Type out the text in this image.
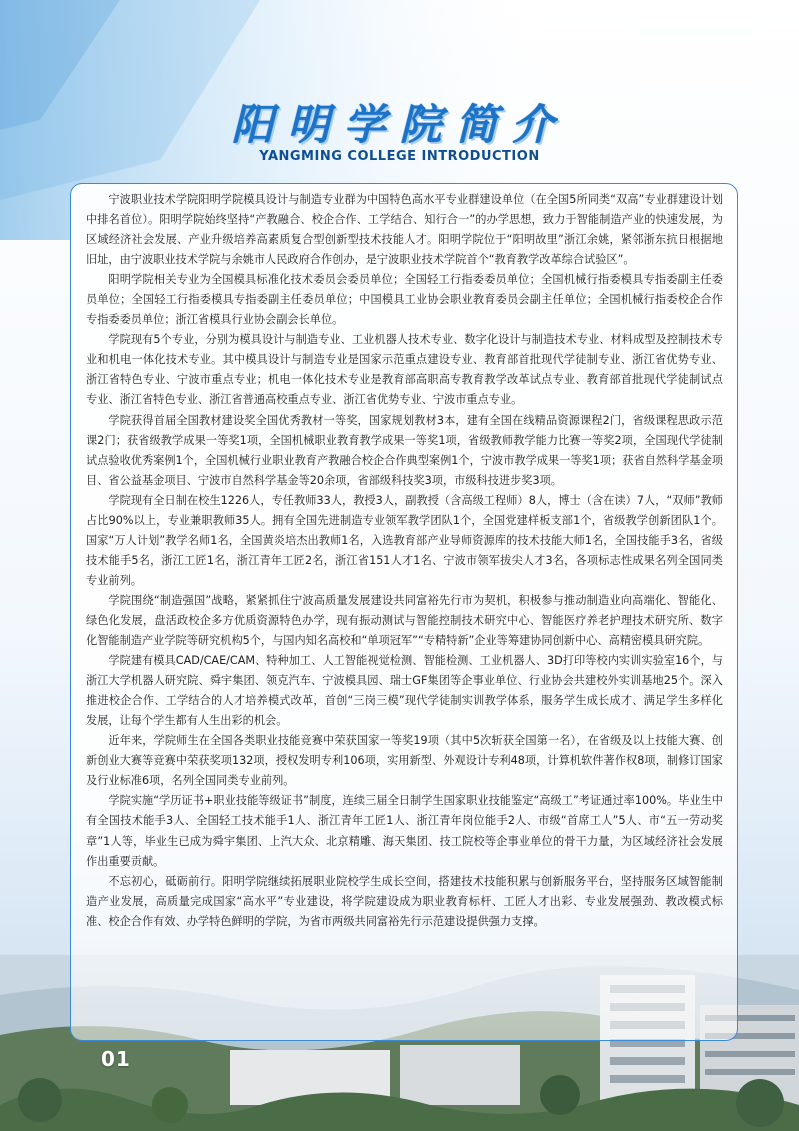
阳明学院简介
YANGMING COLLEGE INTRODUCTION

宁波职业技术学院阳明学院模具设计与制造专业群为中国特色高水平专业群建设单位（在全国5所同类“双高”专业群建设计划中排名首位）。阳明学院始终坚持“产教融合、校企合作、工学结合、知行合一”的办学思想，致力于智能制造产业的快速发展，为区域经济社会发展、产业升级培养高素质复合型创新型技术技能人才。阳明学院位于“阳明故里”浙江余姚，紧邻浙东抗日根据地旧址，由宁波职业技术学院与余姚市人民政府合作创办，是宁波职业技术学院首个“教育教学改革综合试验区”。

阳明学院相关专业为全国模具标准化技术委员会委员单位；全国轻工行指委委员单位；全国机械行指委模具专指委副主任委员单位；全国轻工行指委模具专指委副主任委员单位；中国模具工业协会职业教育委员会副主任单位；全国机械行指委校企合作专指委委员单位；浙江省模具行业协会副会长单位。

学院现有5个专业，分别为模具设计与制造专业、工业机器人技术专业、数字化设计与制造技术专业、材料成型及控制技术专业和机电一体化技术专业。其中模具设计与制造专业是国家示范重点建设专业、教育部首批现代学徒制专业、浙江省优势专业、浙江省特色专业、宁波市重点专业；机电一体化技术专业是教育部高职高专教育教学改革试点专业、教育部首批现代学徒制试点专业、浙江省特色专业、浙江省普通高校重点专业、浙江省优势专业、宁波市重点专业。

学院获得首届全国教材建设奖全国优秀教材一等奖，国家规划教材3本，建有全国在线精品资源课程2门，省级课程思政示范课2门；获省级教学成果一等奖1项，全国机械职业教育教学成果一等奖1项，省级教师教学能力比赛一等奖2项，全国现代学徒制试点验收优秀案例1个，全国机械行业职业教育产教融合校企合作典型案例1个，宁波市教学成果一等奖1项；获省自然科学基金项目、省公益基金项目、宁波市自然科学基金等20余项，省部级科技奖3项，市级科技进步奖3项。

学院现有全日制在校生1226人，专任教师33人，教授3人，副教授（含高级工程师）8人，博士（含在读）7人，“双师”教师占比90%以上，专业兼职教师35人。拥有全国先进制造专业领军教学团队1个，全国党建样板支部1个，省级教学创新团队1个。国家“万人计划”教学名师1名，全国黄炎培杰出教师1名，入选教育部产业导师资源库的技术技能大师1名，全国技能手3名，省级技术能手5名，浙江工匠1名，浙江青年工匠2名，浙江省151人才1名、宁波市领军拔尖人才3名，各项标志性成果名列全国同类专业前列。

学院围绕“制造强国”战略，紧紧抓住宁波高质量发展建设共同富裕先行市为契机，积极参与推动制造业向高端化、智能化、绿色化发展，盘活政校企多方优质资源特色办学，现有振动测试与智能控制技术研究中心、智能医疗养老护理技术研究所、数字化智能制造产业学院等研究机构5个，与国内知名高校和“单项冠军”“专精特新”企业等筹建协同创新中心、高精密模具研究院。

学院建有模具CAD/CAE/CAM、特种加工、人工智能视觉检测、智能检测、工业机器人、3D打印等校内实训实验室16个，与浙江大学机器人研究院、舜宇集团、领克汽车、宁波模具园、瑞士GF集团等企事业单位、行业协会共建校外实训基地25个。深入推进校企合作、工学结合的人才培养模式改革，首创“三岗三模”现代学徒制实训教学体系，服务学生成长成才、满足学生多样化发展，让每个学生都有人生出彩的机会。

近年来，学院师生在全国各类职业技能竞赛中荣获国家一等奖19项（其中5次斩获全国第一名），在省级及以上技能大赛、创新创业大赛等竞赛中荣获奖项132项，授权发明专利106项，实用新型、外观设计专利48项，计算机软件著作权8项，制修订国家及行业标准6项，名列全国同类专业前列。

学院实施“学历证书+职业技能等级证书”制度，连续三届全日制学生国家职业技能鉴定“高级工”考证通过率100%。毕业生中有全国技术能手3人、全国轻工技术能手1人、浙江青年工匠1人、浙江青年岗位能手2人、市级“首席工人”5人、市“五一劳动奖章”1人等，毕业生已成为舜宇集团、上汽大众、北京精雕、海天集团、技工院校等企事业单位的骨干力量，为区域经济社会发展作出重要贡献。

不忘初心，砥砺前行。阳明学院继续拓展职业院校学生成长空间，搭建技术技能积累与创新服务平台，坚持服务区域智能制造产业发展，高质量完成国家“高水平”专业建设，将学院建设成为职业教育标杆、工匠人才出彩、专业发展强劲、教改模式标准、校企合作有效、办学特色鲜明的学院，为省市两级共同富裕先行示范建设提供强力支撑。

01
